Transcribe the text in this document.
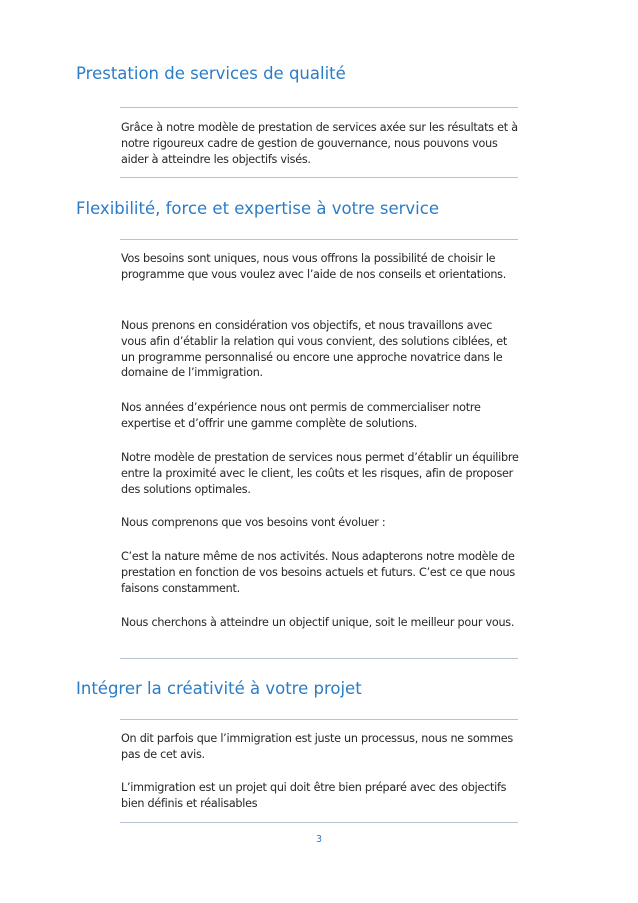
Prestation de services de qualité

Grâce à notre modèle de prestation de services axée sur les résultats et à notre rigoureux cadre de gestion de gouvernance, nous pouvons vous aider à atteindre les objectifs visés.

Flexibilité, force et expertise à votre service

Vos besoins sont uniques, nous vous offrons la possibilité de choisir le programme que vous voulez avec l’aide de nos conseils et orientations.

Nous prenons en considération vos objectifs, et nous travaillons avec vous afin d’établir la relation qui vous convient, des solutions ciblées, et un programme personnalisé ou encore une approche novatrice dans le domaine de l’immigration.

Nos années d’expérience nous ont permis de commercialiser notre expertise et d’offrir une gamme complète de solutions.

Notre modèle de prestation de services nous permet d’établir un équilibre entre la proximité avec le client, les coûts et les risques, afin de proposer des solutions optimales.

Nous comprenons que vos besoins vont évoluer :

C’est la nature même de nos activités. Nous adapterons notre modèle de prestation en fonction de vos besoins actuels et futurs. C’est ce que nous faisons constamment.

Nous cherchons à atteindre un objectif unique, soit le meilleur pour vous.

Intégrer la créativité à votre projet

On dit parfois que l’immigration est juste un processus, nous ne sommes pas de cet avis.

L’immigration est un projet qui doit être bien préparé avec des objectifs bien définis et réalisables

3
